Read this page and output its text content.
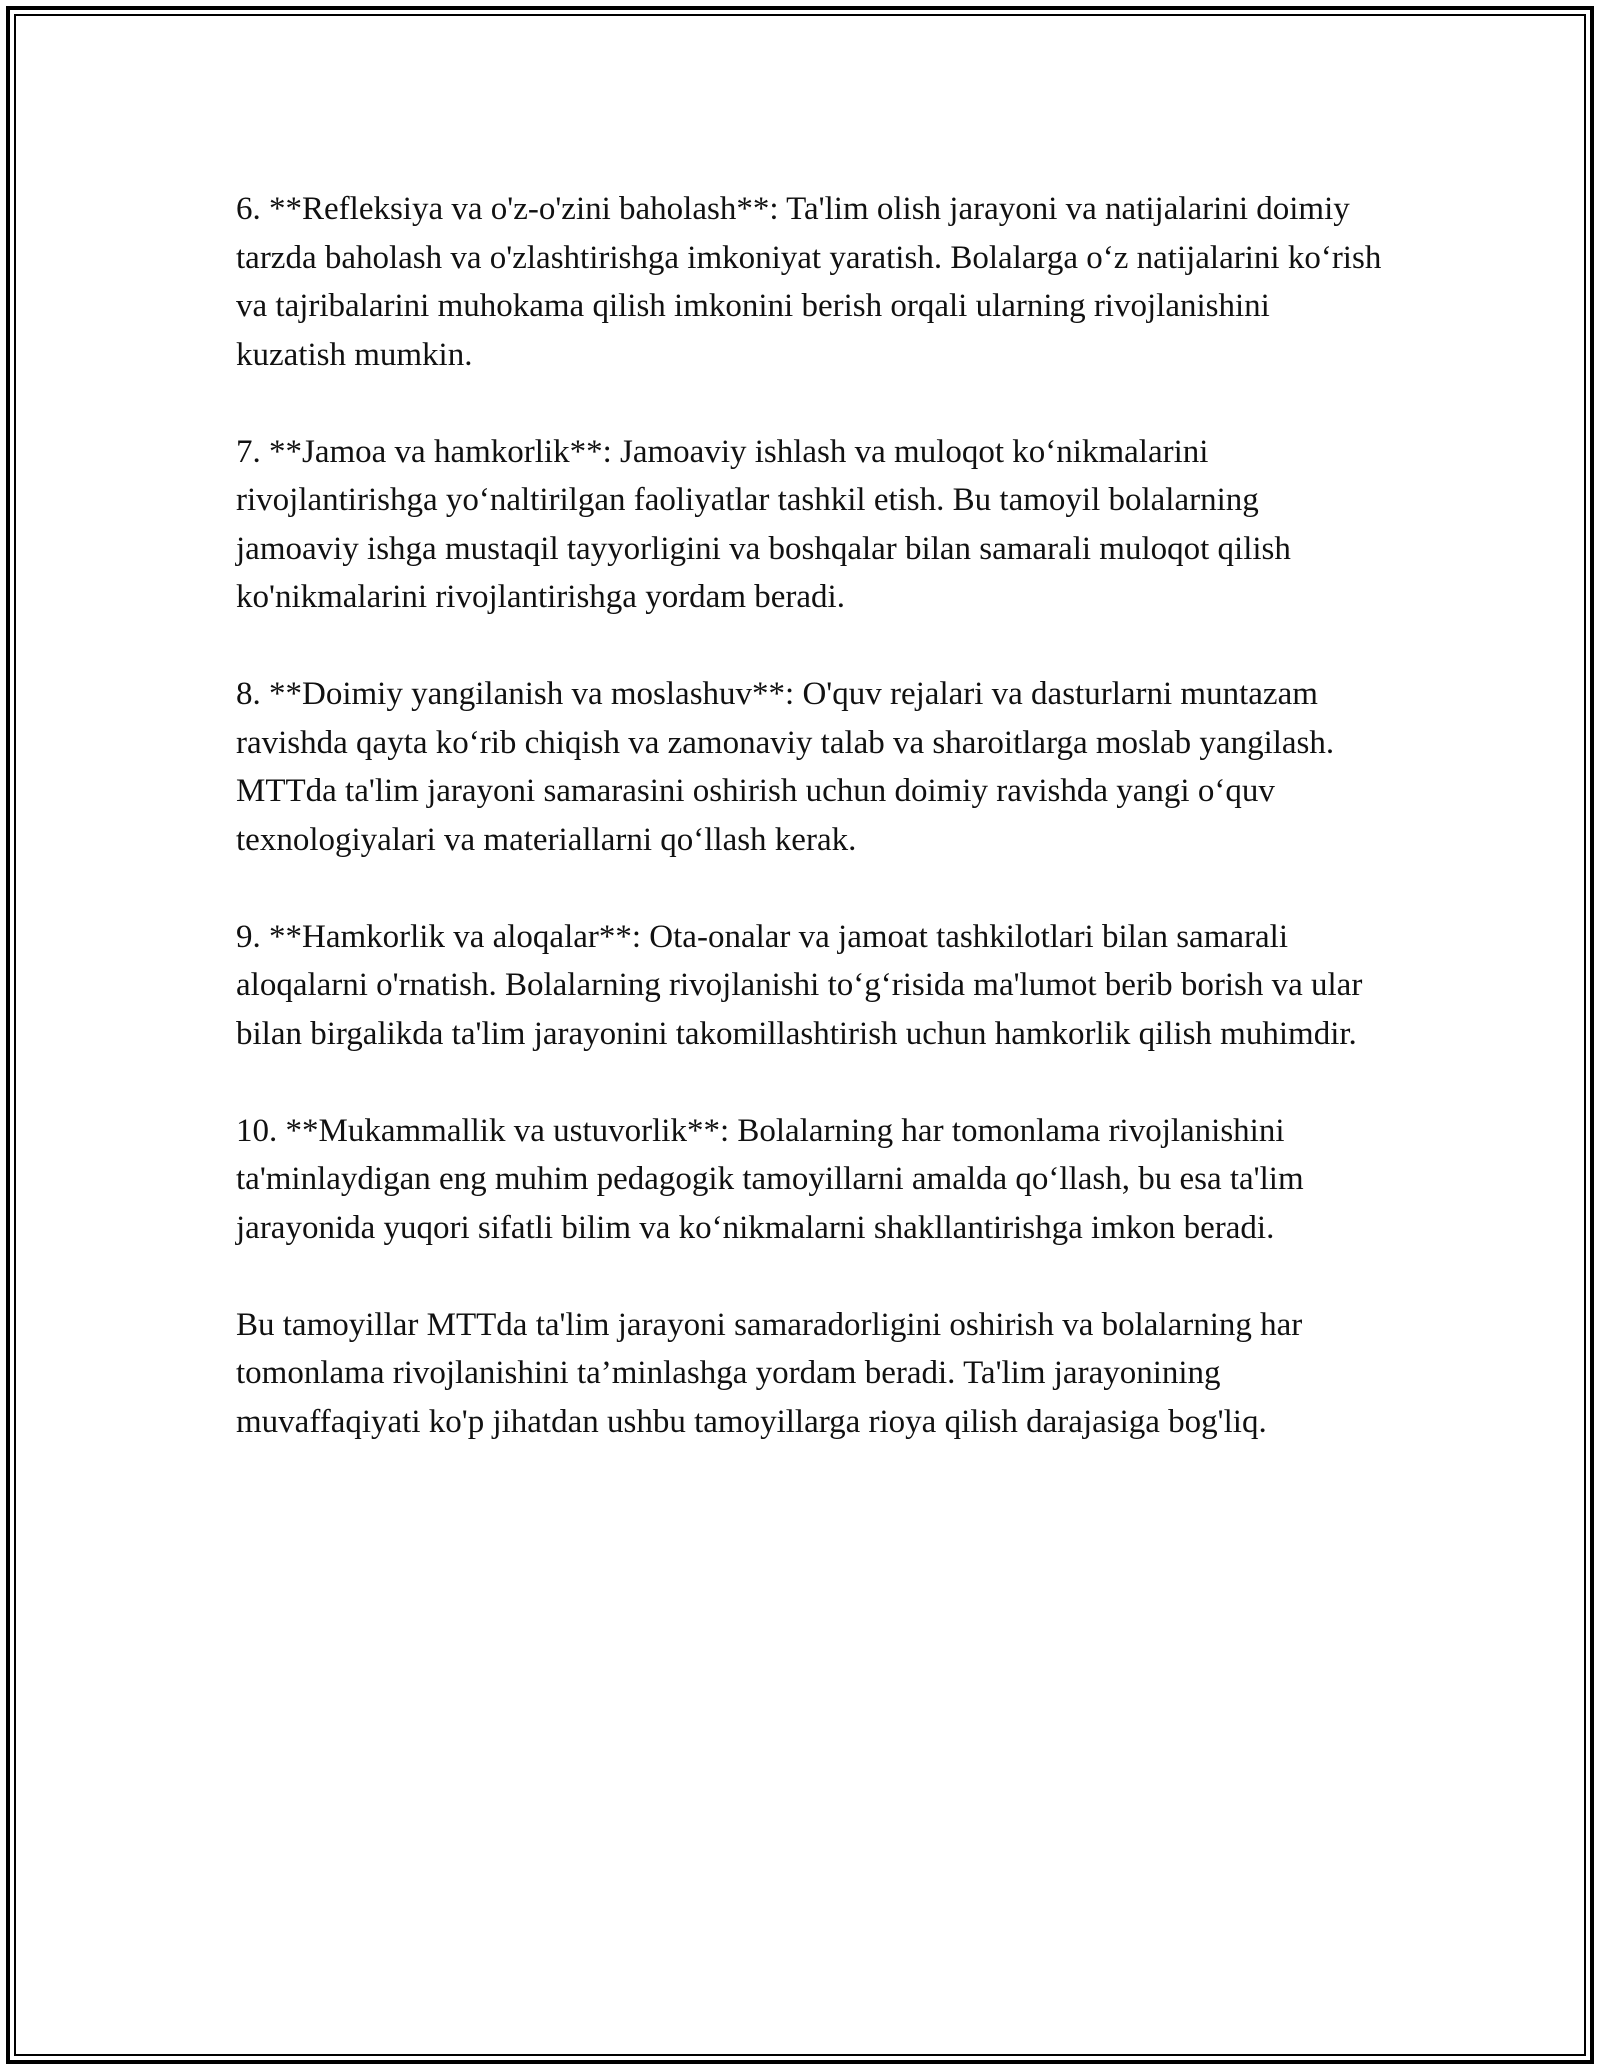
6. **Refleksiya va o'z-o'zini baholash**: Ta'lim olish jarayoni va natijalarini doimiy tarzda baholash va o'zlashtirishga imkoniyat yaratish. Bolalarga o‘z natijalarini ko‘rish va tajribalarini muhokama qilish imkonini berish orqali ularning rivojlanishini kuzatish mumkin.

7. **Jamoa va hamkorlik**: Jamoaviy ishlash va muloqot ko‘nikmalarini rivojlantirishga yo‘naltirilgan faoliyatlar tashkil etish. Bu tamoyil bolalarning jamoaviy ishga mustaqil tayyorligini va boshqalar bilan samarali muloqot qilish ko'nikmalarini rivojlantirishga yordam beradi.

8. **Doimiy yangilanish va moslashuv**: O'quv rejalari va dasturlarni muntazam ravishda qayta ko‘rib chiqish va zamonaviy talab va sharoitlarga moslab yangilash. MTTda ta'lim jarayoni samarasini oshirish uchun doimiy ravishda yangi o‘quv texnologiyalari va materiallarni qo‘llash kerak.

9. **Hamkorlik va aloqalar**: Ota-onalar va jamoat tashkilotlari bilan samarali aloqalarni o'rnatish. Bolalarning rivojlanishi to‘g‘risida ma'lumot berib borish va ular bilan birgalikda ta'lim jarayonini takomillashtirish uchun hamkorlik qilish muhimdir.

10. **Mukammallik va ustuvorlik**: Bolalarning har tomonlama rivojlanishini ta'minlaydigan eng muhim pedagogik tamoyillarni amalda qo‘llash, bu esa ta'lim jarayonida yuqori sifatli bilim va ko‘nikmalarni shakllantirishga imkon beradi.

Bu tamoyillar MTTda ta'lim jarayoni samaradorligini oshirish va bolalarning har tomonlama rivojlanishini ta’minlashga yordam beradi. Ta'lim jarayonining muvaffaqiyati ko'p jihatdan ushbu tamoyillarga rioya qilish darajasiga bog'liq.
